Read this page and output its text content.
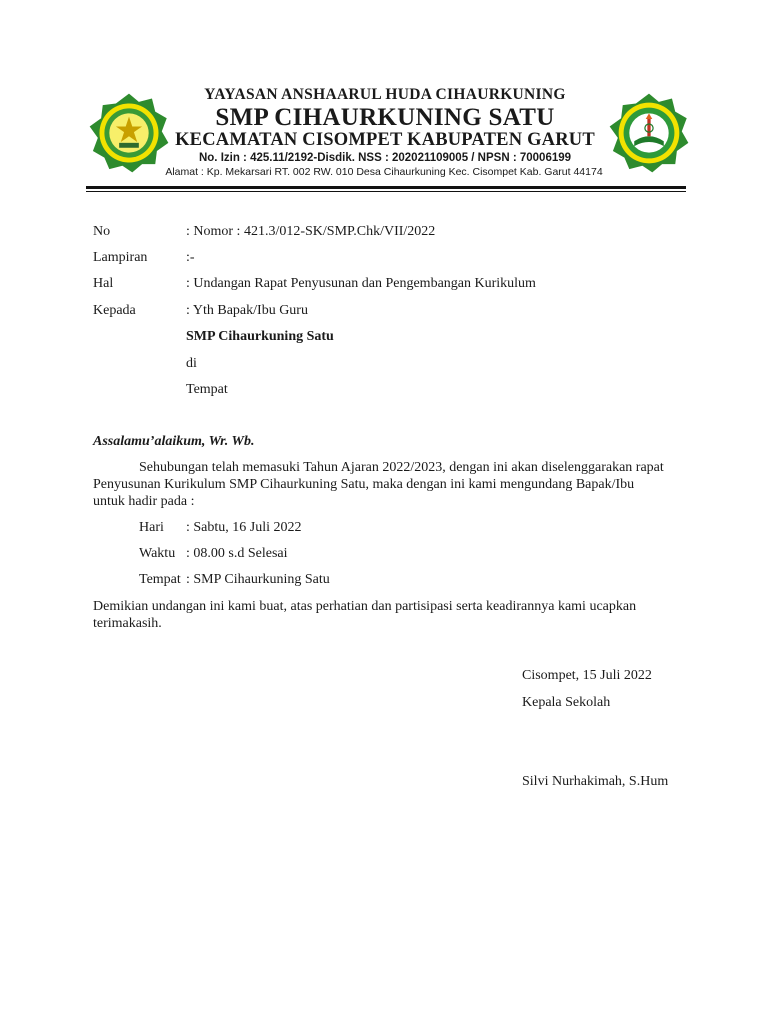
YAYASAN ANSHAARUL HUDA CIHAURKUNING
SMP CIHAURKUNING SATU
KECAMATAN CISOMPET KABUPATEN GARUT
No. Izin : 425.11/2192-Disdik. NSS : 202021109005 / NPSN : 70006199
Alamat : Kp. Mekarsari RT. 002 RW. 010 Desa Cihaurkuning Kec. Cisompet Kab. Garut 44174
No	: Nomor : 421.3/012-SK/SMP.Chk/VII/2022
Lampiran	:-
Hal	: Undangan Rapat Penyusunan dan Pengembangan Kurikulum
Kepada	: Yth Bapak/Ibu Guru
SMP Cihaurkuning Satu
di
Tempat
Assalamu’alaikum, Wr. Wb.
Sehubungan telah memasuki Tahun Ajaran 2022/2023, dengan ini akan diselenggarakan rapat
Penyusunan Kurikulum SMP Cihaurkuning Satu, maka dengan ini kami mengundang Bapak/Ibu
untuk hadir pada :
Hari : Sabtu, 16 Juli 2022
Waktu : 08.00 s.d Selesai
Tempat : SMP Cihaurkuning Satu
Demikian undangan ini kami buat, atas perhatian dan partisipasi serta keadirannya kami ucapkan
terimakasih.
Cisompet, 15 Juli 2022
Kepala Sekolah
Silvi Nurhakimah, S.Hum
